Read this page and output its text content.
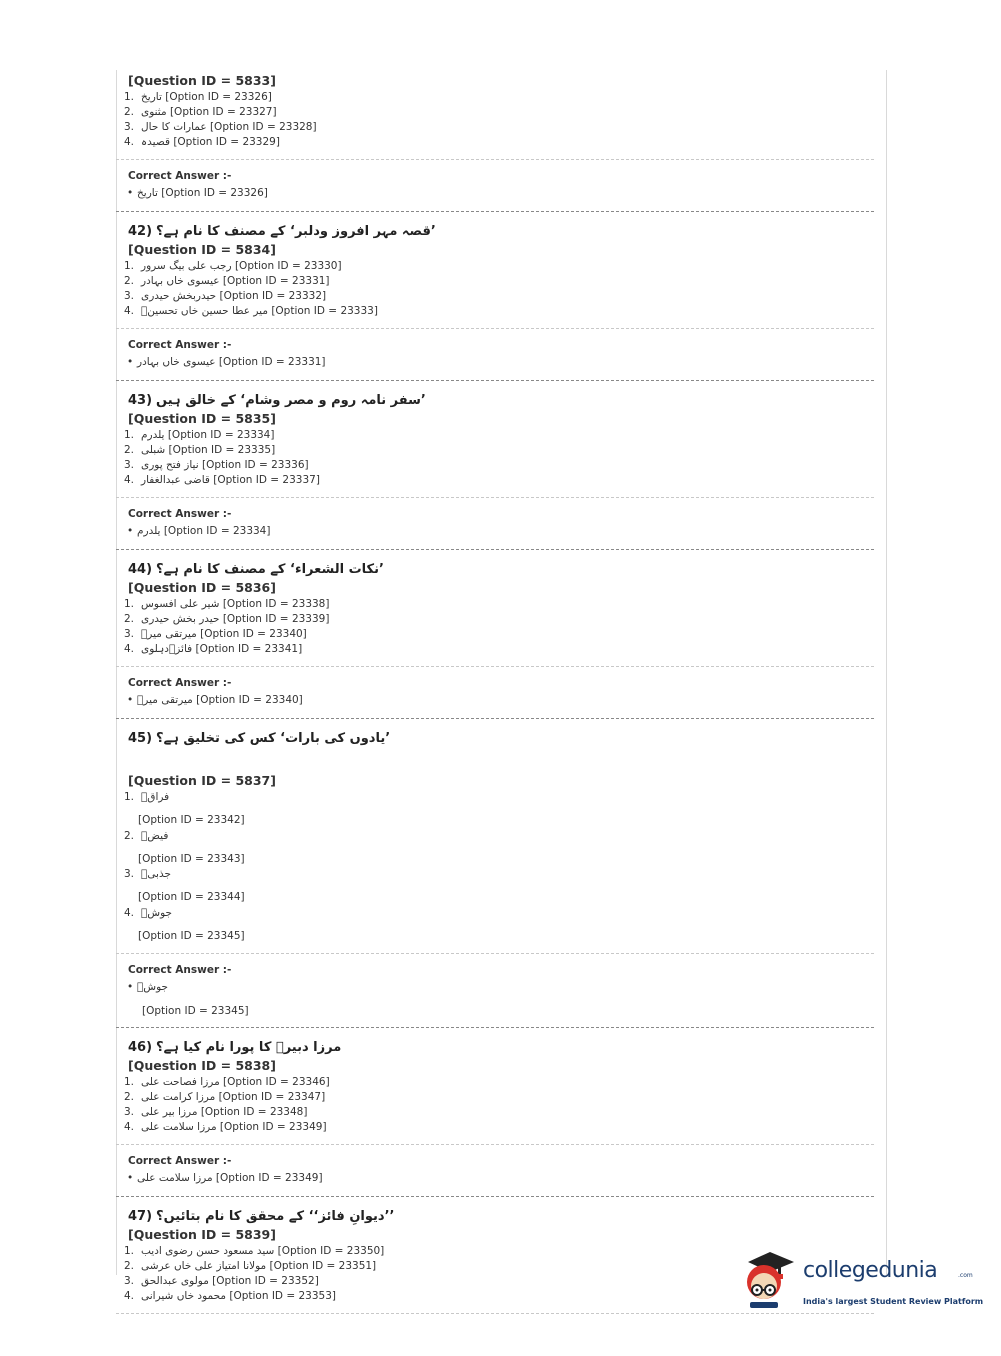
[Question ID = 5833]
1. تاریخ [Option ID = 23326]
2. مثنوی [Option ID = 23327]
3. عمارات کا حال [Option ID = 23328]
4. قصیدہ [Option ID = 23329]
Correct Answer :-
• تاریخ [Option ID = 23326]
42) ’قصہ مہر افروز ودلبر‘ کے مصنف کا نام ہے؟
[Question ID = 5834]
1. رجب علی بیگ سرور [Option ID = 23330]
2. عیسوی خاں بہادر [Option ID = 23331]
3. حیدربخش حیدری [Option ID = 23332]
4. میر عطا حسین خاں تحسینؔ [Option ID = 23333]
Correct Answer :-
• عیسوی خاں بہادر [Option ID = 23331]
43) ’سفر نامہ روم و مصر وشام‘ کے خالق ہیں
[Question ID = 5835]
1. یلدرم [Option ID = 23334]
2. شبلی [Option ID = 23335]
3. نیاز فتح پوری [Option ID = 23336]
4. قاضی عبدالغفار [Option ID = 23337]
Correct Answer :-
• یلدرم [Option ID = 23334]
44) ’نکات الشعراء‘ کے مصنف کا نام ہے؟
[Question ID = 5836]
1. شیر علی افسوس [Option ID = 23338]
2. حیدر بخش حیدری [Option ID = 23339]
3. میرتقی میرؔ [Option ID = 23340]
4. فائزؔدہلوی [Option ID = 23341]
Correct Answer :-
• میرتقی میرؔ [Option ID = 23340]
45) ’یادوں کی بارات‘ کس کی تخلیق ہے؟
[Question ID = 5837]
1. فراقؔ
[Option ID = 23342]
2. فیضؔ
[Option ID = 23343]
3. جذبیؔ
[Option ID = 23344]
4. جوشؔ
[Option ID = 23345]
Correct Answer :-
• جوشؔ
[Option ID = 23345]
46) مرزا دبیرؔ کا پورا نام کیا ہے؟
[Question ID = 5838]
1. مرزا فصاحت علی [Option ID = 23346]
2. مرزا کرامت علی [Option ID = 23347]
3. مرزا بیر علی [Option ID = 23348]
4. مرزا سلامت علی [Option ID = 23349]
Correct Answer :-
• مرزا سلامت علی [Option ID = 23349]
47) ’’دیوانِ فائز‘‘ کے محقق کا نام بتائیں؟
[Question ID = 5839]
1. سید مسعود حسن رضوی ادیب [Option ID = 23350]
2. مولانا امتیاز علی خاں عرشی [Option ID = 23351]
3. مولوی عبدالحق [Option ID = 23352]
4. محمود خاں شیرانی [Option ID = 23353]
collegedunia	.com
India's largest Student Review Platform
